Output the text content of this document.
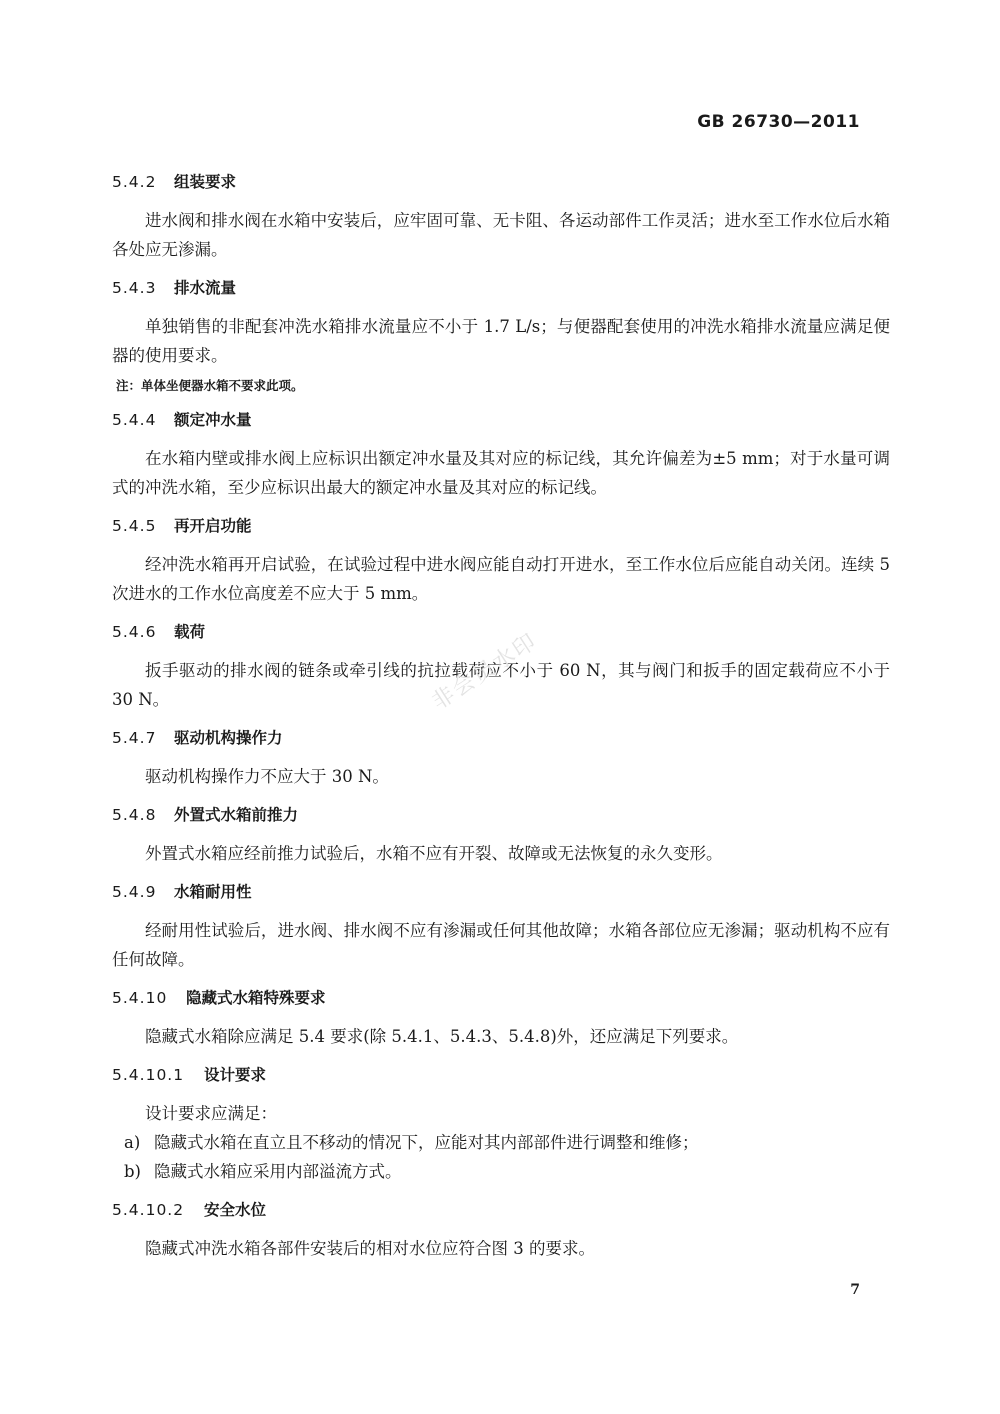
GB 26730—2011
5.4.2 组装要求

进水阀和排水阀在水箱中安装后，应牢固可靠、无卡阻、各运动部件工作灵活；进水至工作水位后水箱各处应无渗漏。

5.4.3 排水流量

单独销售的非配套冲洗水箱排水流量应不小于 1.7 L/s；与便器配套使用的冲洗水箱排水流量应满足便器的使用要求。

注：单体坐便器水箱不要求此项。
5.4.4 额定冲水量

在水箱内壁或排水阀上应标识出额定冲水量及其对应的标记线，其允许偏差为±5 mm；对于水量可调式的冲洗水箱，至少应标识出最大的额定冲水量及其对应的标记线。

5.4.5 再开启功能

经冲洗水箱再开启试验，在试验过程中进水阀应能自动打开进水，至工作水位后应能自动关闭。连续 5 次进水的工作水位高度差不应大于 5 mm。

5.4.6 载荷

扳手驱动的排水阀的链条或牵引线的抗拉载荷应不小于 60 N，其与阀门和扳手的固定载荷应不小于 30 N。

5.4.7 驱动机构操作力

驱动机构操作力不应大于 30 N。

5.4.8 外置式水箱前推力

外置式水箱应经前推力试验后，水箱不应有开裂、故障或无法恢复的永久变形。

5.4.9 水箱耐用性

经耐用性试验后，进水阀、排水阀不应有渗漏或任何其他故障；水箱各部位应无渗漏；驱动机构不应有任何故障。

5.4.10 隐藏式水箱特殊要求

隐藏式水箱除应满足 5.4 要求(除 5.4.1、5.4.3、5.4.8)外，还应满足下列要求。

5.4.10.1 设计要求

设计要求应满足：

a) 隐藏式水箱在直立且不移动的情况下，应能对其内部部件进行调整和维修；
b) 隐藏式水箱应采用内部溢流方式。
5.4.10.2 安全水位

隐藏式冲洗水箱各部件安装后的相对水位应符合图 3 的要求。

非会员水印
7
